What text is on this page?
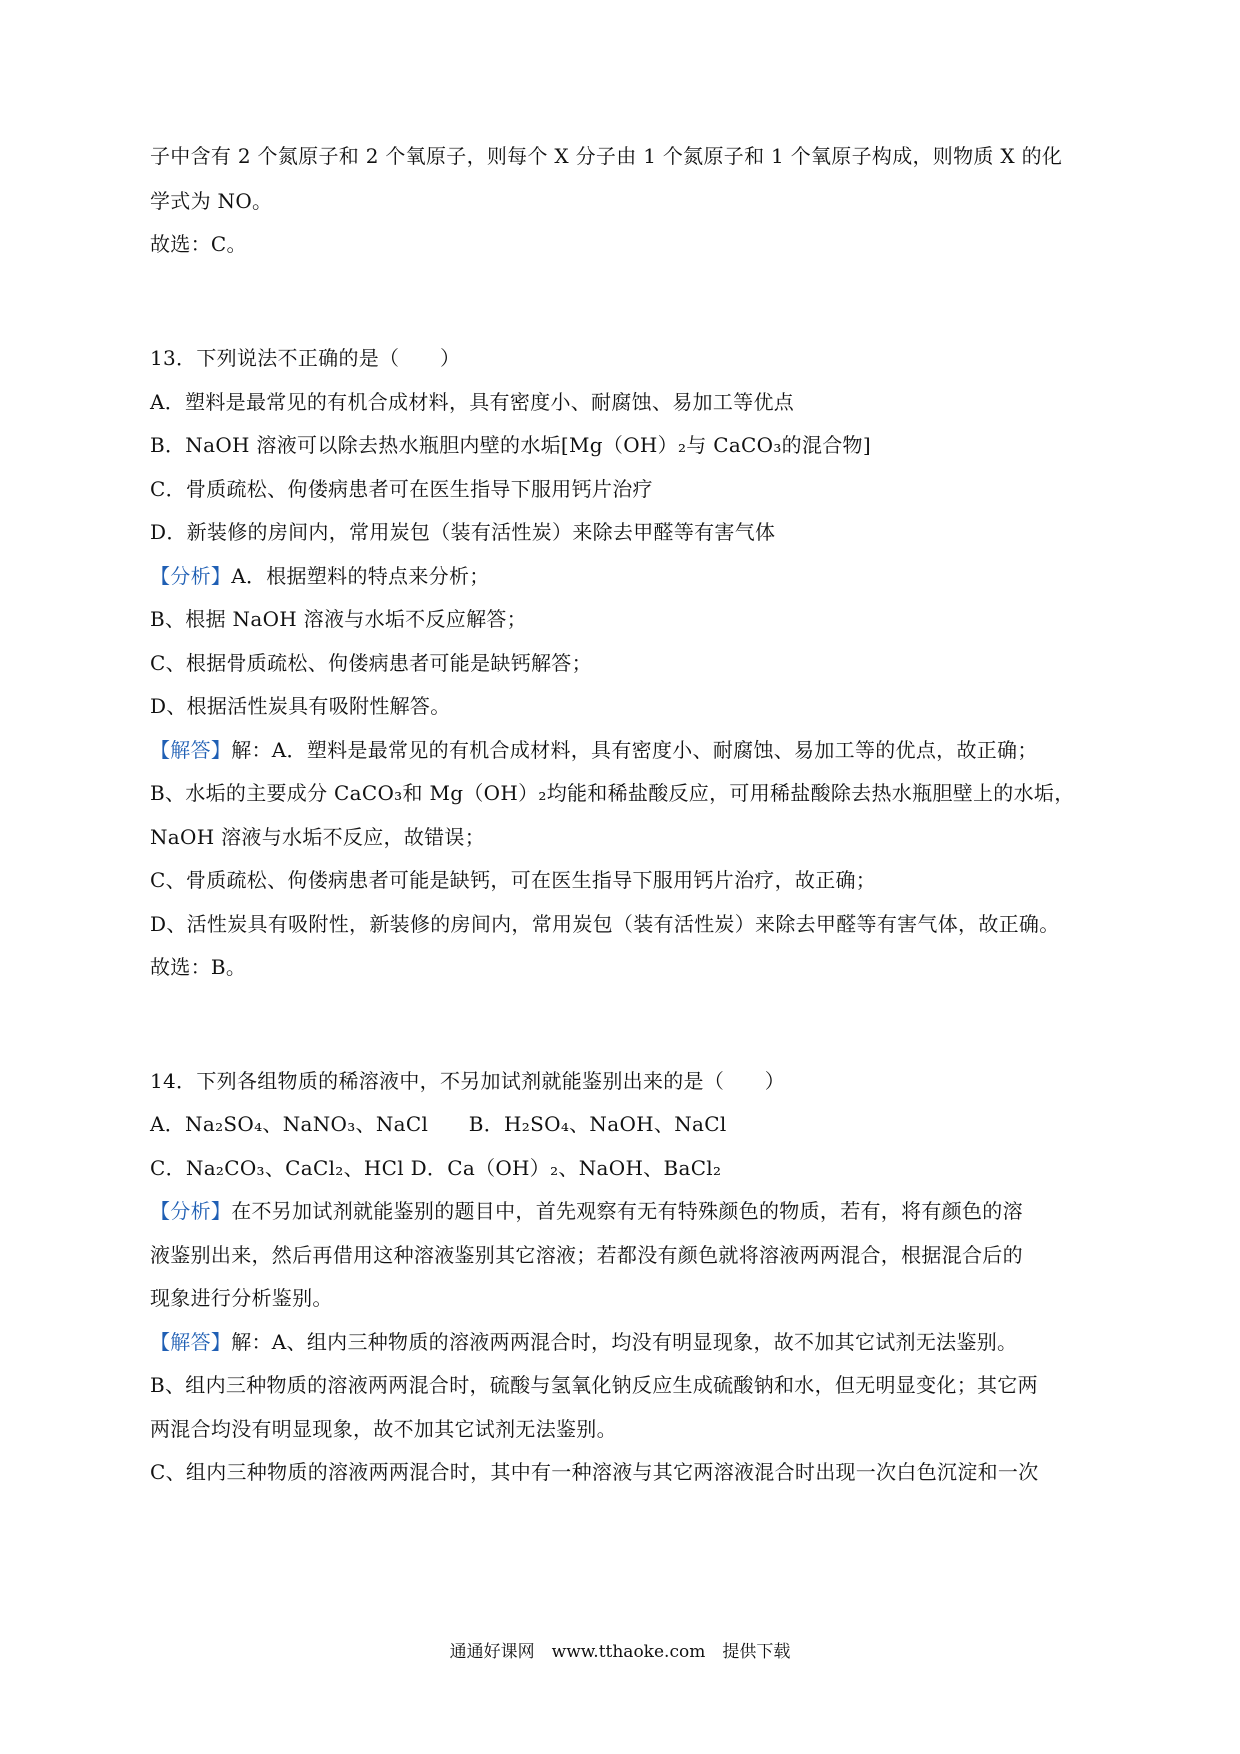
子中含有 2 个氮原子和 2 个氧原子，则每个 X 分子由 1 个氮原子和 1 个氧原子构成，则物质 X 的化
学式为 NO。
故选：C。
13．下列说法不正确的是（　　）
A．塑料是最常见的有机合成材料，具有密度小、耐腐蚀、易加工等优点
B．NaOH 溶液可以除去热水瓶胆内壁的水垢[Mg（OH）₂与 CaCO₃的混合物]
C．骨质疏松、佝偻病患者可在医生指导下服用钙片治疗
D．新装修的房间内，常用炭包（装有活性炭）来除去甲醛等有害气体
【分析】A．根据塑料的特点来分析；
B、根据 NaOH 溶液与水垢不反应解答；
C、根据骨质疏松、佝偻病患者可能是缺钙解答；
D、根据活性炭具有吸附性解答。
【解答】解：A．塑料是最常见的有机合成材料，具有密度小、耐腐蚀、易加工等的优点，故正确；
B、水垢的主要成分 CaCO₃和 Mg（OH）₂均能和稀盐酸反应，可用稀盐酸除去热水瓶胆壁上的水垢，
NaOH 溶液与水垢不反应，故错误；
C、骨质疏松、佝偻病患者可能是缺钙，可在医生指导下服用钙片治疗，故正确；
D、活性炭具有吸附性，新装修的房间内，常用炭包（装有活性炭）来除去甲醛等有害气体，故正确。
故选：B。
14．下列各组物质的稀溶液中，不另加试剂就能鉴别出来的是（　　）
A．Na₂SO₄、NaNO₃、NaCl　　B．H₂SO₄、NaOH、NaCl
C．Na₂CO₃、CaCl₂、HCl D．Ca（OH）₂、NaOH、BaCl₂
【分析】在不另加试剂就能鉴别的题目中，首先观察有无有特殊颜色的物质，若有，将有颜色的溶
液鉴别出来，然后再借用这种溶液鉴别其它溶液；若都没有颜色就将溶液两两混合，根据混合后的
现象进行分析鉴别。
【解答】解：A、组内三种物质的溶液两两混合时，均没有明显现象，故不加其它试剂无法鉴别。
B、组内三种物质的溶液两两混合时，硫酸与氢氧化钠反应生成硫酸钠和水，但无明显变化；其它两
两混合均没有明显现象，故不加其它试剂无法鉴别。
C、组内三种物质的溶液两两混合时，其中有一种溶液与其它两溶液混合时出现一次白色沉淀和一次
通通好课网　www.tthaoke.com　提供下载
